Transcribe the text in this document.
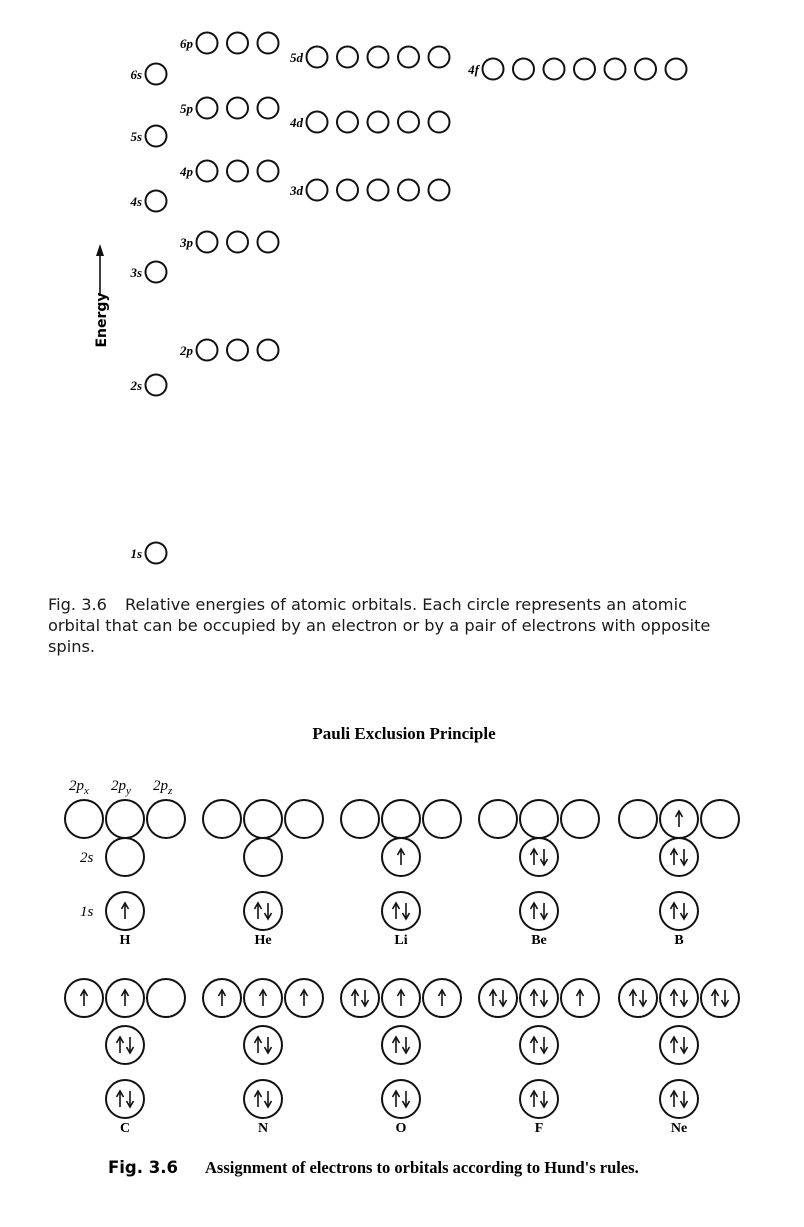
Energy
1s
2s
2p
3s
3p
4s
3d
4p
5s
4d
5p
6s	4f
5d
6p

Fig. 3.6 Relative energies of atomic orbitals. Each circle represents an atomic
orbital that can be occupied by an electron or by a pair of electrons with opposite spins.

Pauli Exclusion Principle
Fig. 3.6 Assignment of electrons to orbitals according to Hund's rules.
H	He	Li	Be	B
C	N	O	F	Ne
$2p_x$ $2p_y$ $2p_z$
2s
1s
